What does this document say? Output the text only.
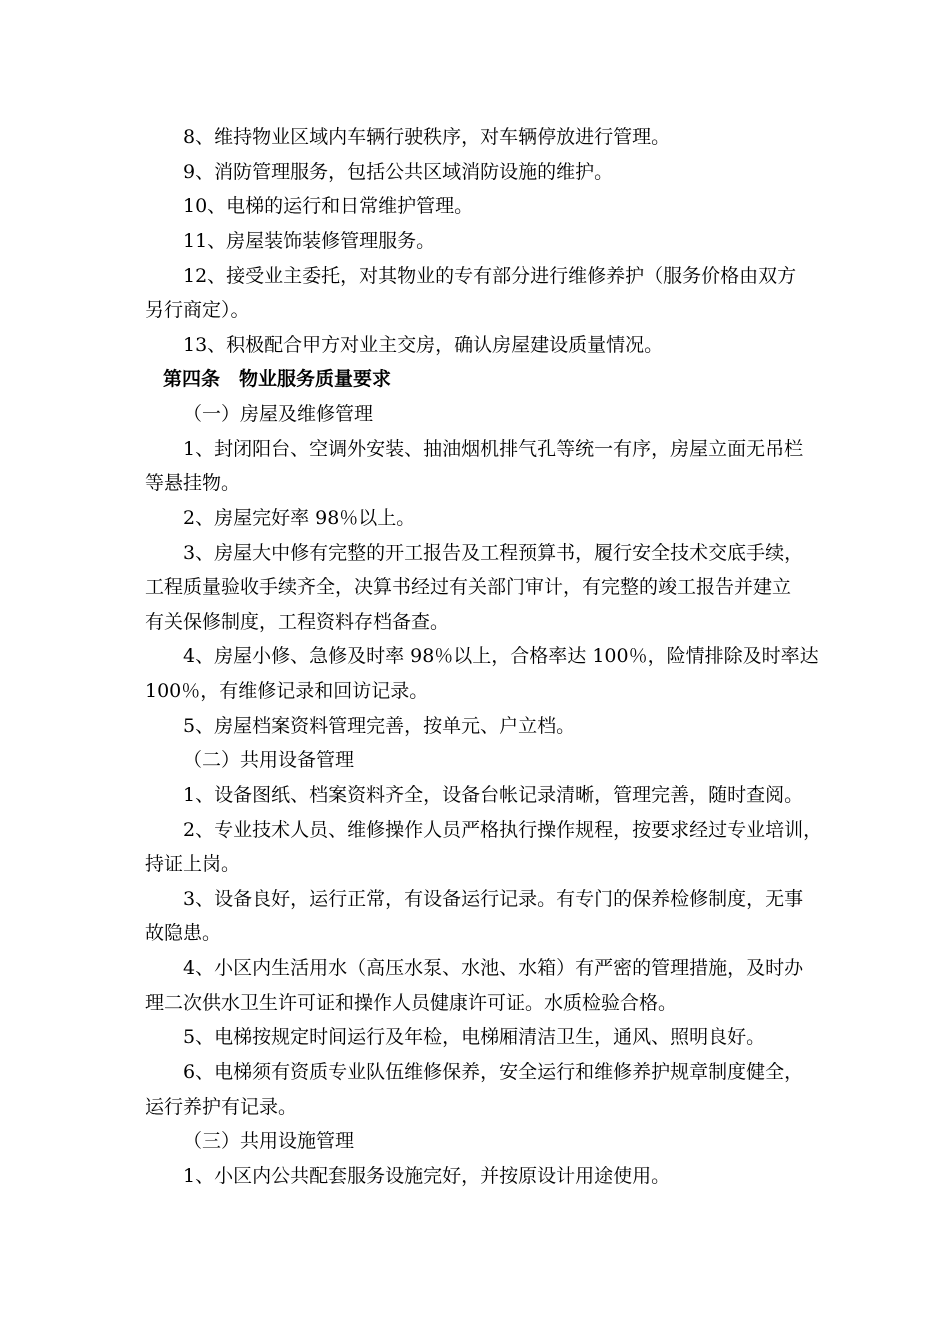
8、维持物业区域内车辆行驶秩序，对车辆停放进行管理。
9、消防管理服务，包括公共区域消防设施的维护。
10、电梯的运行和日常维护管理。
11、房屋装饰装修管理服务。
12、接受业主委托，对其物业的专有部分进行维修养护（服务价格由双方
另行商定）。
13、积极配合甲方对业主交房，确认房屋建设质量情况。
第四条　物业服务质量要求
（一）房屋及维修管理
1、封闭阳台、空调外安装、抽油烟机排气孔等统一有序，房屋立面无吊栏
等悬挂物。
2、房屋完好率 98％以上。
3、房屋大中修有完整的开工报告及工程预算书，履行安全技术交底手续，
工程质量验收手续齐全，决算书经过有关部门审计，有完整的竣工报告并建立
有关保修制度，工程资料存档备查。
4、房屋小修、急修及时率 98％以上，合格率达 100％，险情排除及时率达
100％，有维修记录和回访记录。
5、房屋档案资料管理完善，按单元、户立档。
（二）共用设备管理
1、设备图纸、档案资料齐全，设备台帐记录清晰，管理完善，随时查阅。
2、专业技术人员、维修操作人员严格执行操作规程，按要求经过专业培训，
持证上岗。
3、设备良好，运行正常，有设备运行记录。有专门的保养检修制度，无事
故隐患。
4、小区内生活用水（高压水泵、水池、水箱）有严密的管理措施，及时办
理二次供水卫生许可证和操作人员健康许可证。水质检验合格。
5、电梯按规定时间运行及年检，电梯厢清洁卫生，通风、照明良好。
6、电梯须有资质专业队伍维修保养，安全运行和维修养护规章制度健全，
运行养护有记录。
（三）共用设施管理
1、小区内公共配套服务设施完好，并按原设计用途使用。
